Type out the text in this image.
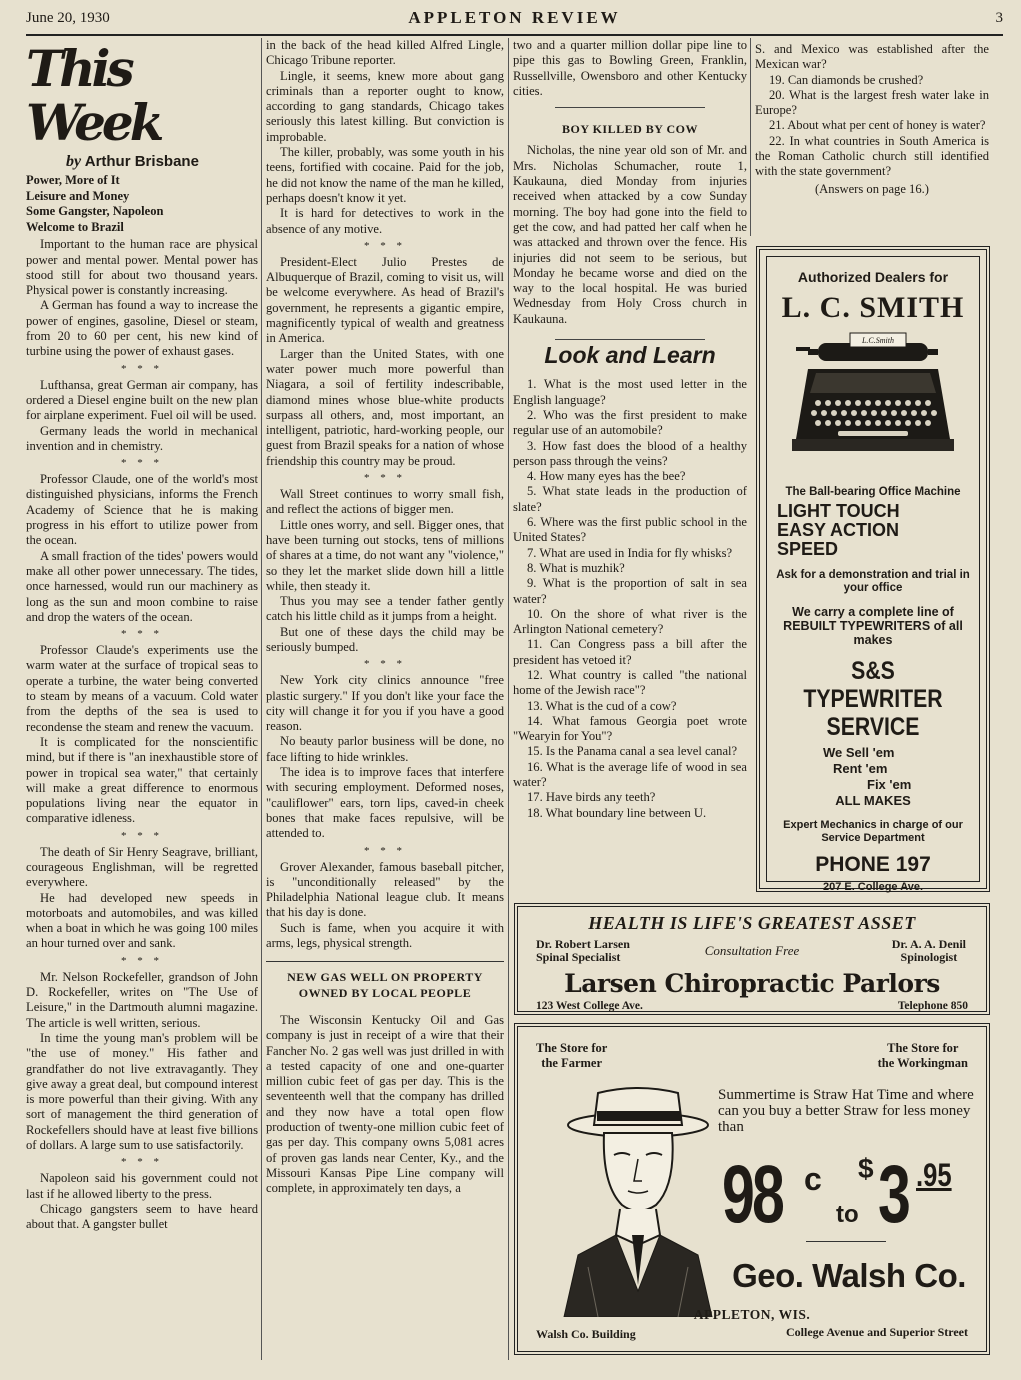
June 20, 1930	APPLETON REVIEW	3
This Week
by Arthur Brisbane
Power, More of It
Leisure and Money
Some Gangster, Napoleon
Welcome to Brazil

Important to the human race are physical power and mental power. Mental power has stood still for about two thousand years. Physical power is constantly increasing.

A German has found a way to increase the power of engines, gasoline, Diesel or steam, from 20 to 60 per cent, his new kind of turbine using the power of exhaust gases.

* * *

Lufthansa, great German air company, has ordered a Diesel engine built on the new plan for airplane experiment. Fuel oil will be used.

Germany leads the world in mechanical invention and in chemistry.

* * *

Professor Claude, one of the world's most distinguished physicians, informs the French Academy of Science that he is making progress in his effort to utilize power from the ocean.

A small fraction of the tides' powers would make all other power unnecessary. The tides, once harnessed, would run our machinery as long as the sun and moon combine to raise and drop the waters of the ocean.

* * *

Professor Claude's experiments use the warm water at the surface of tropical seas to operate a turbine, the water being converted to steam by means of a vacuum. Cold water from the depths of the sea is used to recondense the steam and renew the vacuum.

It is complicated for the nonscientific mind, but if there is "an inexhaustible store of power in tropical sea water," that certainly will make a great difference to enormous populations living near the equator in comparative idleness.

* * *

The death of Sir Henry Seagrave, brilliant, courageous Englishman, will be regretted everywhere.

He had developed new speeds in motorboats and automobiles, and was killed when a boat in which he was going 100 miles an hour turned over and sank.

* * *

Mr. Nelson Rockefeller, grandson of John D. Rockefeller, writes on "The Use of Leisure," in the Dartmouth alumni magazine. The article is well written, serious.

In time the young man's problem will be "the use of money." His father and grandfather do not live extravagantly. They give away a great deal, but compound interest is more powerful than their giving. With any sort of management the third generation of Rockefellers should have at least five billions of dollars. A large sum to use satisfactorily.

* * *

Napoleon said his government could not last if he allowed liberty to the press.

Chicago gangsters seem to have heard about that. A gangster bullet

in the back of the head killed Alfred Lingle, Chicago Tribune reporter.

Lingle, it seems, knew more about gang criminals than a reporter ought to know, according to gang standards, Chicago takes seriously this latest killing. But conviction is improbable.

The killer, probably, was some youth in his teens, fortified with cocaine. Paid for the job, he did not know the name of the man he killed, perhaps doesn't know it yet.

It is hard for detectives to work in the absence of any motive.

* * *

President-Elect Julio Prestes de Albuquerque of Brazil, coming to visit us, will be welcome everywhere. As head of Brazil's government, he represents a gigantic empire, magnificently typical of wealth and greatness in America.

Larger than the United States, with one water power much more powerful than Niagara, a soil of fertility indescribable, diamond mines whose blue-white products surpass all others, and, most important, an intelligent, patriotic, hard-working people, our guest from Brazil speaks for a nation of whose friendship this country may be proud.

* * *

Wall Street continues to worry small fish, and reflect the actions of bigger men.

Little ones worry, and sell. Bigger ones, that have been turning out stocks, tens of millions of shares at a time, do not want any "violence," so they let the market slide down hill a little while, then steady it.

Thus you may see a tender father gently catch his little child as it jumps from a height.

But one of these days the child may be seriously bumped.

* * *

New York city clinics announce "free plastic surgery." If you don't like your face the city will change it for you if you have a good reason.

No beauty parlor business will be done, no face lifting to hide wrinkles.

The idea is to improve faces that interfere with securing employment. Deformed noses, "cauliflower" ears, torn lips, caved-in cheek bones that make faces repulsive, will be attended to.

* * *

Grover Alexander, famous baseball pitcher, is "unconditionally released" by the Philadelphia National league club. It means that his day is done.

Such is fame, when you acquire it with arms, legs, physical strength.

NEW GAS WELL ON PROPERTY
OWNED BY LOCAL PEOPLE

The Wisconsin Kentucky Oil and Gas company is just in receipt of a wire that their Fancher No. 2 gas well was just drilled in with a tested capacity of one and one-quarter million cubic feet of gas per day. This is the seventeenth well that the company has drilled and they now have a total open flow production of twenty-one million cubic feet of gas per day. This company owns 5,081 acres of proven gas lands near Center, Ky., and the Missouri Kansas Pipe Line company will complete, in approximately ten days, a

two and a quarter million dollar pipe line to pipe this gas to Bowling Green, Franklin, Russellville, Owensboro and other Kentucky cities.

BOY KILLED BY COW

Nicholas, the nine year old son of Mr. and Mrs. Nicholas Schumacher, route 1, Kaukauna, died Monday from injuries received when attacked by a cow Sunday morning. The boy had gone into the field to get the cow, and had patted her calf when he was attacked and thrown over the fence. His injuries did not seem to be serious, but Monday he became worse and died on the way to the local hospital. He was buried Wednesday from Holy Cross church in Kaukauna.

Look and Learn

1. What is the most used letter in the English language?

2. Who was the first president to make regular use of an automobile?

3. How fast does the blood of a healthy person pass through the veins?

4. How many eyes has the bee?

5. What state leads in the production of slate?

6. Where was the first public school in the United States?

7. What are used in India for fly whisks?

8. What is muzhik?

9. What is the proportion of salt in sea water?

10. On the shore of what river is the Arlington National cemetery?

11. Can Congress pass a bill after the president has vetoed it?

12. What country is called "the national home of the Jewish race"?

13. What is the cud of a cow?

14. What famous Georgia poet wrote "Wearyin for You"?

15. Is the Panama canal a sea level canal?

16. What is the average life of wood in sea water?

17. Have birds any teeth?

18. What boundary line between U.

S. and Mexico was established after the Mexican war?

19. Can diamonds be crushed?

20. What is the largest fresh water lake in Europe?

21. About what per cent of honey is water?

22. In what countries in South America is the Roman Catholic church still identified with the state government?

(Answers on page 16.)
Authorized Dealers for
L. C. SMITH
L.C.Smith
The Ball-bearing Office Machine
LIGHT TOUCH
EASY ACTION
SPEED
Ask for a demonstration and trial in your office
We carry a complete line of REBUILT TYPEWRITERS of all makes
S&S TYPEWRITER
SERVICE
We Sell 'em
Rent 'em
Fix 'em
ALL MAKES
Expert Mechanics in charge of our Service Department
PHONE 197
207 E. College Ave.
HEALTH IS LIFE'S GREATEST ASSET
Dr. Robert Larsen
Spinal Specialist	Consultation Free	Dr. A. A. Denil
Spinologist
Larsen Chiropractic Parlors
123 West College Ave.	Telephone 850
The Store for
the Farmer
The Store for
the Workingman
Summertime is Straw Hat Time and where can you buy a better Straw for less money than
98 c
to
$ 3 .95
Geo. Walsh Co.
APPLETON, WIS.
Walsh Co. Building	College Avenue and Superior Street
